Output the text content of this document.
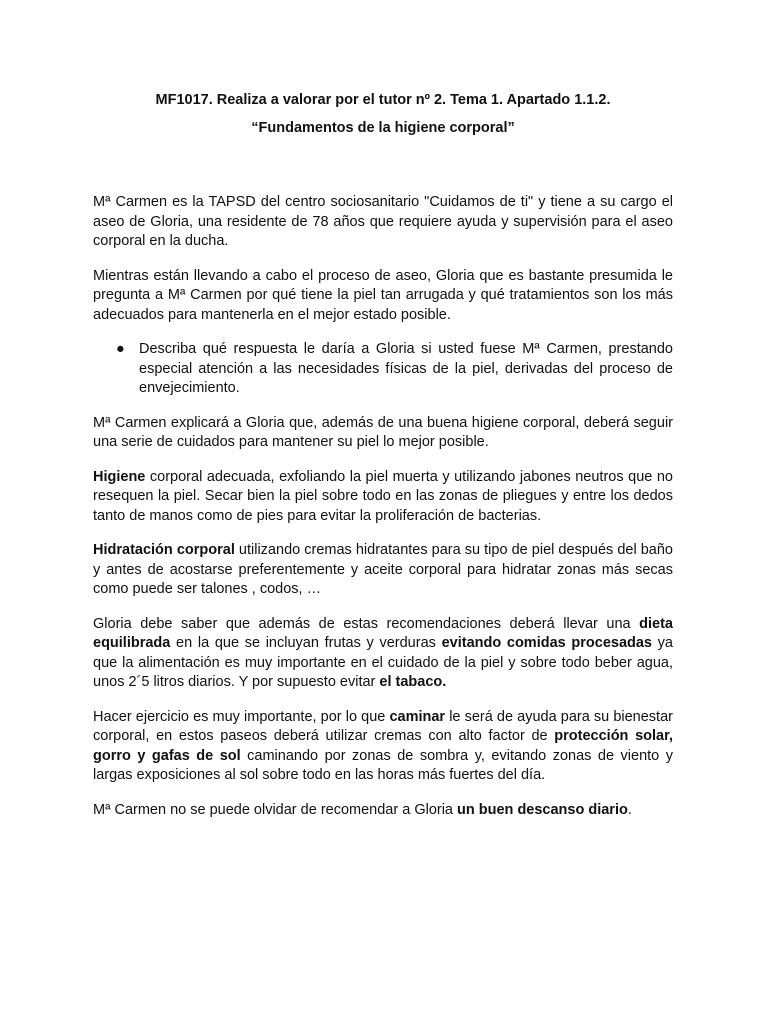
MF1017. Realiza a valorar por el tutor nº 2. Tema 1. Apartado 1.1.2.
“Fundamentos de la higiene corporal”

Mª Carmen es la TAPSD del centro sociosanitario "Cuidamos de ti" y tiene a su cargo el aseo de Gloria, una residente de 78 años que requiere ayuda y supervisión para el aseo corporal en la ducha.

Mientras están llevando a cabo el proceso de aseo, Gloria que es bastante presumida le pregunta a Mª Carmen por qué tiene la piel tan arrugada y qué tratamientos son los más adecuados para mantenerla en el mejor estado posible.

● Describa qué respuesta le daría a Gloria si usted fuese Mª Carmen, prestando especial atención a las necesidades físicas de la piel, derivadas del proceso de envejecimiento.

Mª Carmen explicará a Gloria que, además de una buena higiene corporal, deberá seguir una serie de cuidados para mantener su piel lo mejor posible.

Higiene corporal adecuada, exfoliando la piel muerta y utilizando jabones neutros que no resequen la piel. Secar bien la piel sobre todo en las zonas de pliegues y entre los dedos tanto de manos como de pies para evitar la proliferación de bacterias.

Hidratación corporal utilizando cremas hidratantes para su tipo de piel después del baño y antes de acostarse preferentemente y aceite corporal para hidratar zonas más secas como puede ser talones , codos, …

Gloria debe saber que además de estas recomendaciones deberá llevar una dieta equilibrada en la que se incluyan frutas y verduras evitando comidas procesadas ya que la alimentación es muy importante en el cuidado de la piel y sobre todo beber agua, unos 2´5 litros diarios. Y por supuesto evitar el tabaco.

Hacer ejercicio es muy importante, por lo que caminar le será de ayuda para su bienestar corporal, en estos paseos deberá utilizar cremas con alto factor de protección solar, gorro y gafas de sol caminando por zonas de sombra y, evitando zonas de viento y largas exposiciones al sol sobre todo en las horas más fuertes del día.

Mª Carmen no se puede olvidar de recomendar a Gloria un buen descanso diario.
